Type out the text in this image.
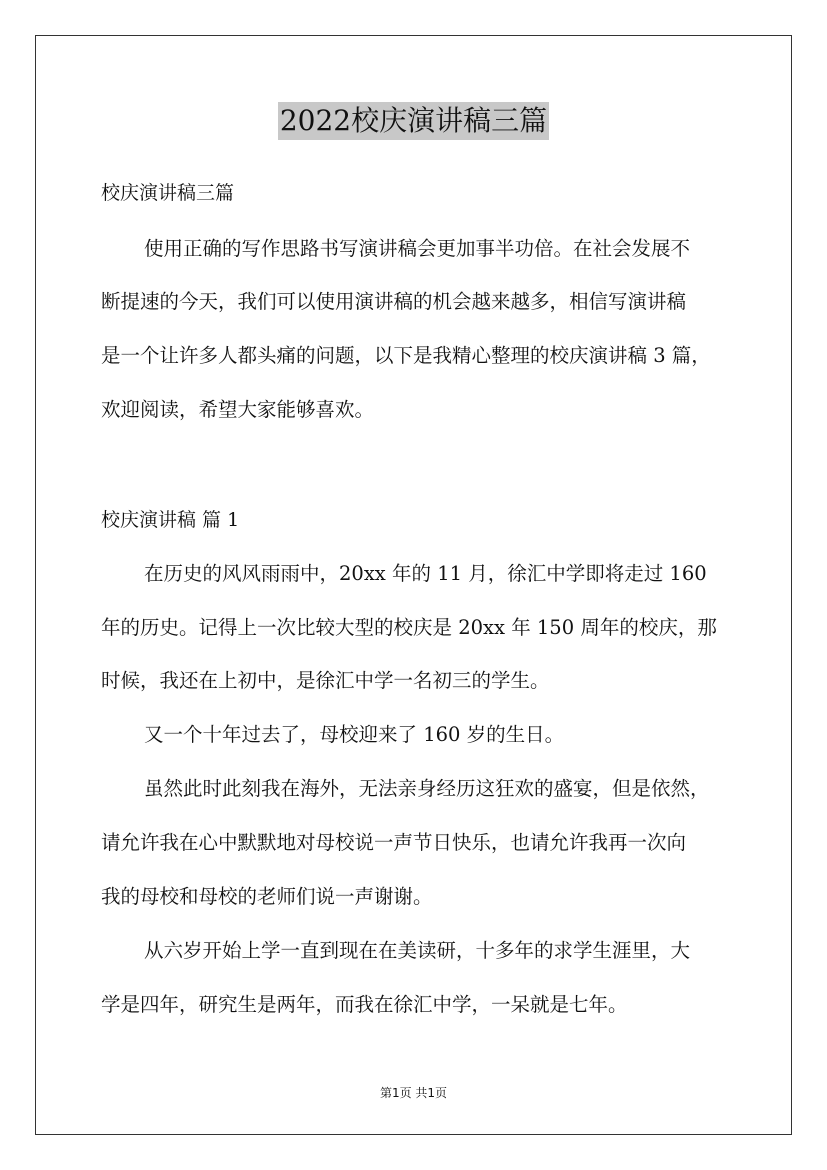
2022校庆演讲稿三篇
校庆演讲稿三篇
使用正确的写作思路书写演讲稿会更加事半功倍。在社会发展不
断提速的今天，我们可以使用演讲稿的机会越来越多，相信写演讲稿
是一个让许多人都头痛的问题，以下是我精心整理的校庆演讲稿 3 篇，
欢迎阅读，希望大家能够喜欢。
校庆演讲稿 篇 1
在历史的风风雨雨中，20xx 年的 11 月，徐汇中学即将走过 160
年的历史。记得上一次比较大型的校庆是 20xx 年 150 周年的校庆，那
时候，我还在上初中，是徐汇中学一名初三的学生。
又一个十年过去了，母校迎来了 160 岁的生日。
虽然此时此刻我在海外，无法亲身经历这狂欢的盛宴，但是依然，
请允许我在心中默默地对母校说一声节日快乐，也请允许我再一次向
我的母校和母校的老师们说一声谢谢。
从六岁开始上学一直到现在在美读研，十多年的求学生涯里，大
学是四年，研究生是两年，而我在徐汇中学，一呆就是七年。
第1页 共1页
